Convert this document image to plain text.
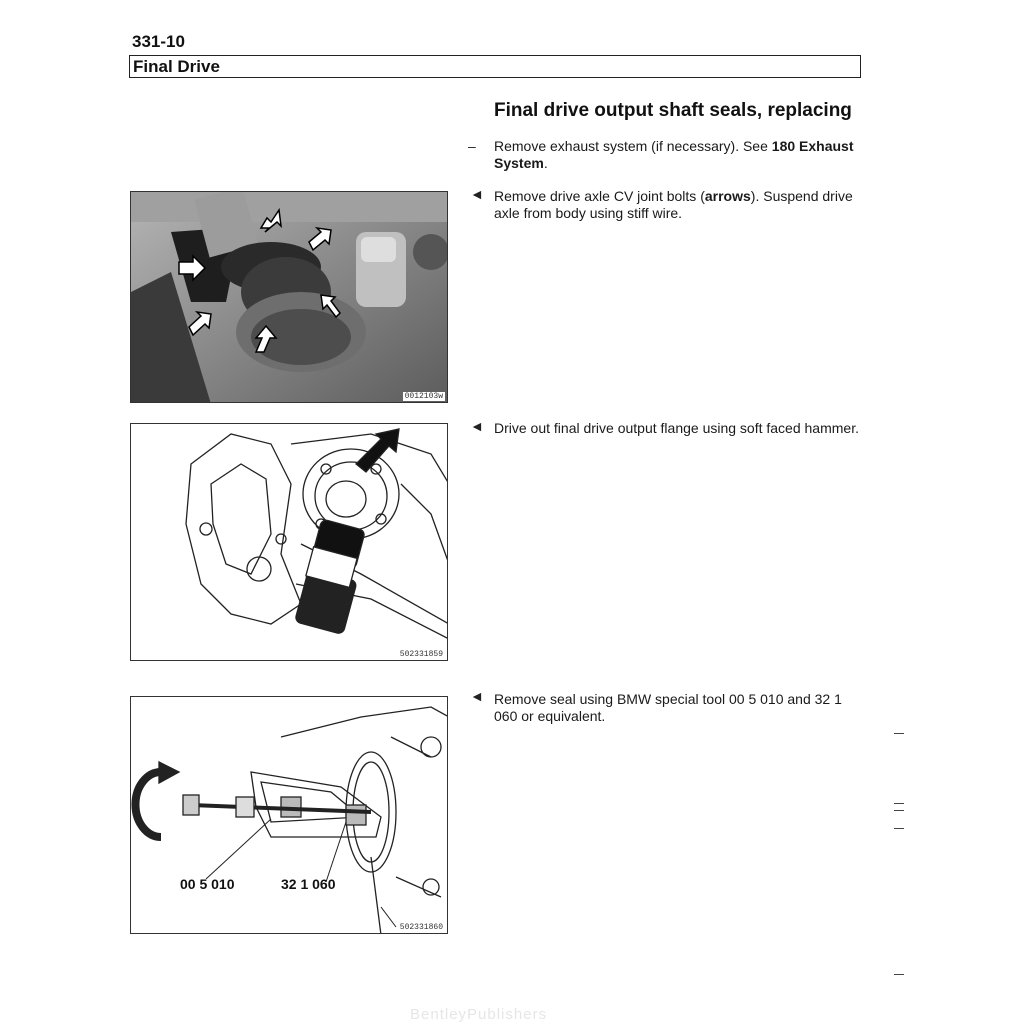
331-10
Final Drive
Final drive output shaft seals, replacing
– Remove exhaust system (if necessary). See 180 Exhaust System.
◄ Remove drive axle CV joint bolts (arrows). Suspend drive axle from body using stiff wire.
◄ Drive out final drive output flange using soft faced hammer.
◄ Remove seal using BMW special tool 00 5 010 and 32 1 060 or equivalent.
0012103w
502331859
00 5 010	32 1 060
502331860
BentleyPublishers
